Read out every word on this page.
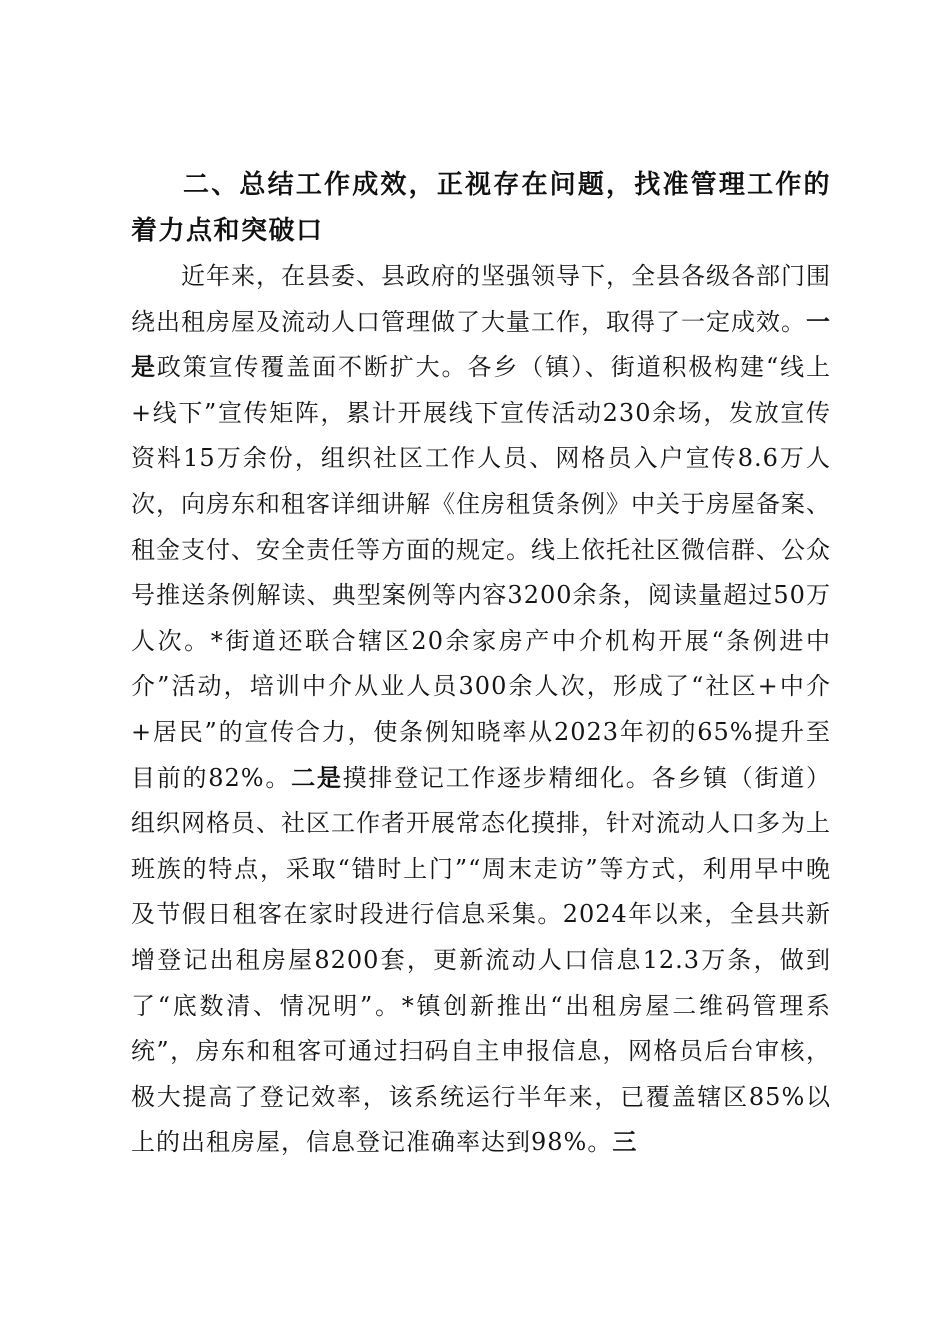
二、总结工作成效，正视存在问题，找准管理工作的着力点和突破口

近年来，在县委、县政府的坚强领导下，全县各级各部门围绕出租房屋及流动人口管理做了大量工作，取得了一定成效。一是政策宣传覆盖面不断扩大。各乡（镇）、街道积极构建“线上+线下”宣传矩阵，累计开展线下宣传活动230余场，发放宣传资料15万余份，组织社区工作人员、网格员入户宣传8.6万人次，向房东和租客详细讲解《住房租赁条例》中关于房屋备案、租金支付、安全责任等方面的规定。线上依托社区微信群、公众号推送条例解读、典型案例等内容3200余条，阅读量超过50万人次。*街道还联合辖区20余家房产中介机构开展“条例进中介”活动，培训中介从业人员300余人次，形成了“社区+中介+居民”的宣传合力，使条例知晓率从2023年初的65%提升至目前的82%。二是摸排登记工作逐步精细化。各乡镇（街道）组织网格员、社区工作者开展常态化摸排，针对流动人口多为上班族的特点，采取“错时上门”“周末走访”等方式，利用早中晚及节假日租客在家时段进行信息采集。2024年以来，全县共新增登记出租房屋8200套，更新流动人口信息12.3万条，做到了“底数清、情况明”。*镇创新推出“出租房屋二维码管理系统”，房东和租客可通过扫码自主申报信息，网格员后台审核，极大提高了登记效率，该系统运行半年来，已覆盖辖区85%以上的出租房屋，信息登记准确率达到98%。三
